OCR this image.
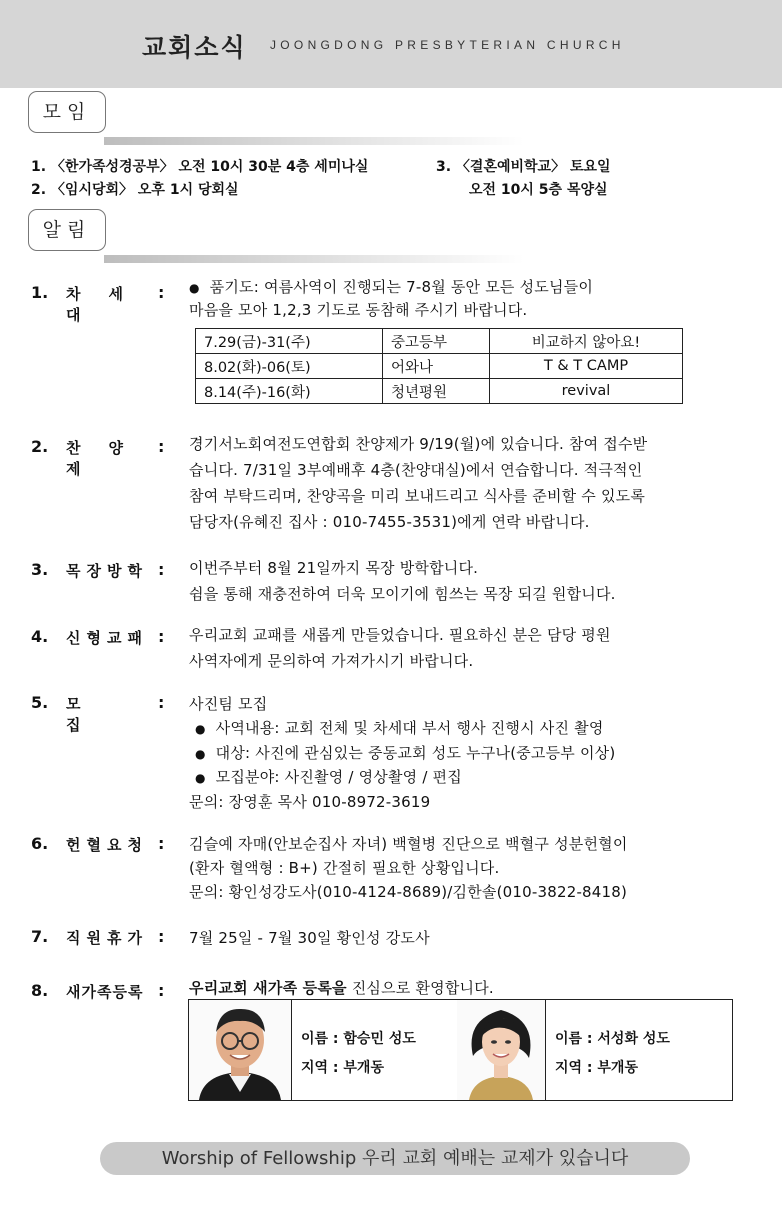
교회소식 JOONGDONG PRESBYTERIAN CHURCH
모임
1. 〈한가족성경공부〉 오전 10시 30분 4층 세미나실
2. 〈임시당회〉 오후 1시 당회실
3. 〈결혼예비학교〉 토요일
오전 10시 5층 목양실
알림
1. 차세대
: ● 품기도: 여름사역이 진행되는 7-8월 동안 모든 성도님들이
마음을 모아 1,2,3 기도로 동참해 주시기 바랍니다.
7.29(금)-31(주)	중고등부	비교하지 않아요!
8.02(화)-06(토)	어와나	T & T CAMP
8.14(주)-16(화)	청년평원	revival
2. 찬양제
: 경기서노회여전도연합회 찬양제가 9/19(월)에 있습니다. 참여 접수받
습니다. 7/31일 3부예배후 4층(찬양대실)에서 연습합니다. 적극적인
참여 부탁드리며, 찬양곡을 미리 보내드리고 식사를 준비할 수 있도록
담당자(유혜진 집사 : 010-7455-3531)에게 연락 바랍니다.
3. 목장방학 : 이번주부터 8월 21일까지 목장 방학합니다.
쉼을 통해 재충전하여 더욱 모이기에 힘쓰는 목장 되길 원합니다.
4. 신형교패 : 우리교회 교패를 새롭게 만들었습니다. 필요하신 분은 담당 평원
사역자에게 문의하여 가져가시기 바랍니다.
5. 모집
: 사진팀 모집
● 사역내용: 교회 전체 및 차세대 부서 행사 진행시 사진 촬영
● 대상: 사진에 관심있는 중동교회 성도 누구나(중고등부 이상)
● 모집분야: 사진촬영 / 영상촬영 / 편집
문의: 장영훈 목사 010-8972-3619
6. 헌혈요청 : 김슬예 자매(안보순집사 자녀) 백혈병 진단으로 백혈구 성분헌혈이
(환자 혈액형 : B+) 간절히 필요한 상황입니다.
문의: 황인성강도사(010-4124-8689)/김한솔(010-3822-8418)
7. 직원휴가 : 7월 25일 - 7월 30일 황인성 강도사
8. 새가족등록 : 우리교회 새가족 등록을 진심으로 환영합니다.
이름 : 함승민 성도
지역 : 부개동
이름 : 서성화 성도
지역 : 부개동
Worship of Fellowship 우리 교회 예배는 교제가 있습니다
